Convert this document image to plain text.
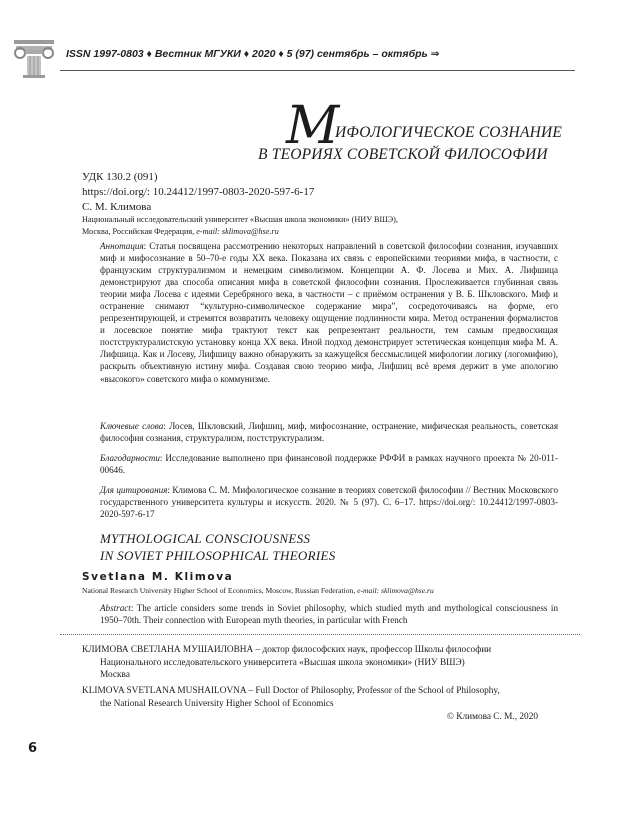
ISSN 1997-0803 ♦ Вестник МГУКИ ♦ 2020 ♦ 5 (97) сентябрь – октябрь ⇒
М
ИФОЛОГИЧЕСКОЕ СОЗНАНИЕ
В ТЕОРИЯХ СОВЕТСКОЙ ФИЛОСОФИИ
УДК 130.2 (091)
https://doi.org/: 10.24412/1997-0803-2020-597-6-17
С. М. Климова
Национальный исследовательский университет «Высшая школа экономики» (НИУ ВШЭ),
Москва, Российская Федерация, e-mail: sklimova@hse.ru
Аннотация: Статья посвящена рассмотрению некоторых направлений в советской философии сознания, изучавших миф и мифосознание в 50–70-е годы XX века. Показана их связь с европейскими теориями мифа, в частности, с французским структурализмом и немецким символизмом. Концепции А. Ф. Лосева и Мих. А. Лифшица демонстрируют два способа описания мифа в советской философии сознания. Прослеживается глубинная связь теории мифа Лосева с идеями Серебряного века, в частности – с приёмом остранения у В. Б. Шкловского. Миф и остранение снимают “культурно-символическое содержание мира”, сосредоточиваясь на форме, его репрезентирующей, и стремятся возвратить человеку ощущение подлинности мира. Метод остранения формалистов и лосевское понятие мифа трактуют текст как репрезентант реальности, тем самым предвосхищая постструктуралистскую установку конца XX века. Иной подход демонстрирует эстетическая концепция мифа М. А. Лифшица. Как и Лосеву, Лифшицу важно обнаружить за кажущейся бессмыслицей мифологии логику (логомифию), раскрыть объективную истину мифа. Создавая свою теорию мифа, Лифшиц всё время держит в уме апологию «высокого» советского мифа о коммунизме.
Ключевые слова: Лосев, Шкловский, Лифшиц, миф, мифосознание, остранение, мифическая реальность, советская философия сознания, структурализм, постструктурализм.
Благодарности: Исследование выполнено при финансовой поддержке РФФИ в рамках научного проекта № 20-011-00646.
Для цитирования: Климова С. М. Мифологическое сознание в теориях советской философии // Вестник Московского государственного университета культуры и искусств. 2020. № 5 (97). С. 6–17. https://doi.org/: 10.24412/1997-0803-2020-597-6-17
MYTHOLOGICAL CONSCIOUSNESS
IN SOVIET PHILOSOPHICAL THEORIES
Svetlana M. Klimova
National Research University Higher School of Economics, Moscow, Russian Federation, e-mail: sklimova@hse.ru
Abstract: The article considers some trends in Soviet philosophy, which studied myth and mythological consciousness in 1950–70th. Their connection with European myth theories, in particular with French
КЛИМОВА СВЕТЛАНА МУШАИЛОВНА – доктор философских наук, профессор Школы философии
Национального исследовательского университета «Высшая школа экономики» (НИУ ВШЭ)
Москва
KLIMOVA SVETLANA MUSHAILOVNA – Full Doctor of Philosophy, Professor of the School of Philosophy,
the National Research University Higher School of Economics
© Климова С. М., 2020
6
